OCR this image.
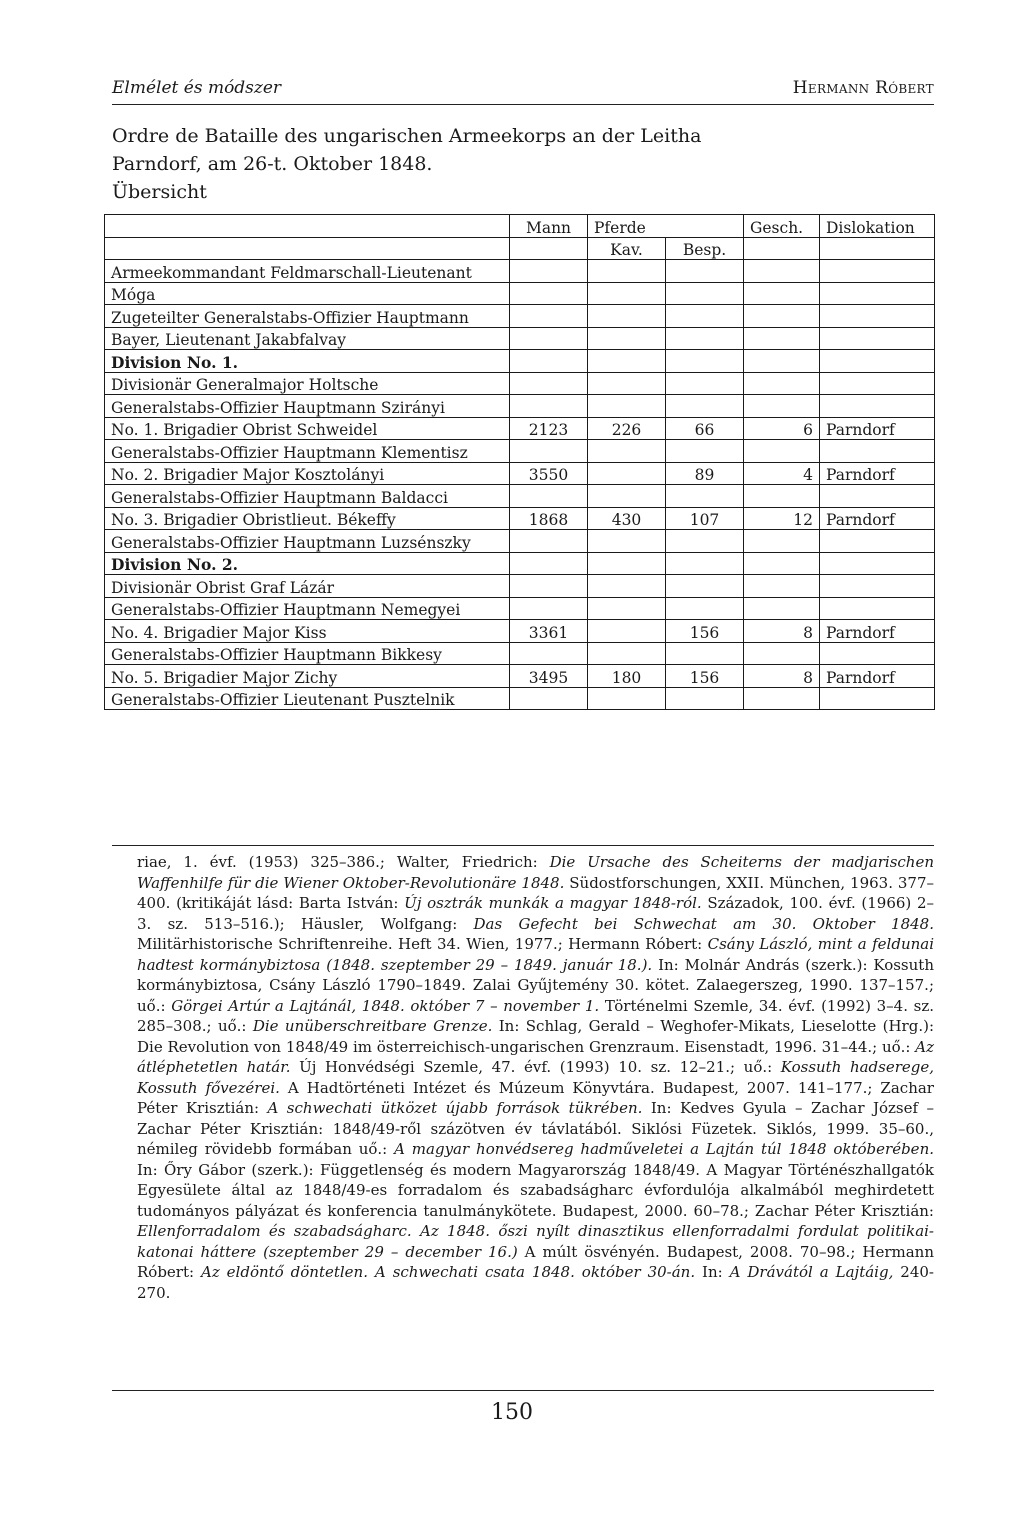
Elmélet és módszer	Hermann Róbert
Ordre de Bataille des ungarischen Armeekorps an der Leitha
Parndorf, am 26-t. Oktober 1848.
Übersicht
	Mann	Pferde		Gesch.	Dislokation
		Kav.	Besp.		
Armeekommandant Feldmarschall-Lieutenant					
Móga					
Zugeteilter Generalstabs-Offizier Hauptmann					
Bayer, Lieutenant Jakabfalvay					
Division No. 1.					
Divisionär Generalmajor Holtsche					
Generalstabs-Offizier Hauptmann Szirányi					
No. 1. Brigadier Obrist Schweidel	2123	226	66	6	Parndorf
Generalstabs-Offizier Hauptmann Klementisz					
No. 2. Brigadier Major Kosztolányi	3550		89	4	Parndorf
Generalstabs-Offizier Hauptmann Baldacci					
No. 3. Brigadier Obristlieut. Békeffy	1868	430	107	12	Parndorf
Generalstabs-Offizier Hauptmann Luzsénszky					
Division No. 2.					
Divisionär Obrist Graf Lázár					
Generalstabs-Offizier Hauptmann Nemegyei					
No. 4. Brigadier Major Kiss	3361		156	8	Parndorf
Generalstabs-Offizier Hauptmann Bikkesy					
No. 5. Brigadier Major Zichy	3495	180	156	8	Parndorf
Generalstabs-Offizier Lieutenant Pusztelnik					
riae, 1. évf. (1953) 325–386.; Walter, Friedrich: Die Ursache des Scheiterns der madjarischen Waffenhilfe für die Wiener Oktober-Revolutionäre 1848. Südostforschungen, XXII. München, 1963. 377–400. (kritikáját lásd: Barta István: Új osztrák munkák a magyar 1848-ról. Századok, 100. évf. (1966) 2–3. sz. 513–516.); Häusler, Wolfgang: Das Gefecht bei Schwechat am 30. Oktober 1848. Militärhistorische Schriftenreihe. Heft 34. Wien, 1977.; Hermann Róbert: Csány László, mint a feldunai hadtest kormánybiztosa (1848. szeptember 29 – 1849. január 18.). In: Molnár András (szerk.): Kossuth kormánybiztosa, Csány László 1790–1849. Zalai Gyűjtemény 30. kötet. Zalaegerszeg, 1990. 137–157.; uő.: Görgei Artúr a Lajtánál, 1848. október 7 – november 1. Történelmi Szemle, 34. évf. (1992) 3–4. sz. 285–308.; uő.: Die unüberschreitbare Grenze. In: Schlag, Gerald – Weghofer-Mikats, Lieselotte (Hrg.): Die Revolution von 1848/49 im österreichisch-ungarischen Grenzraum. Eisenstadt, 1996. 31–44.; uő.: Az átléphetetlen határ. Új Honvédségi Szemle, 47. évf. (1993) 10. sz. 12–21.; uő.: Kossuth hadserege, Kossuth fővezérei. A Hadtörténeti Intézet és Múzeum Könyvtára. Budapest, 2007. 141–177.; Zachar Péter Krisztián: A schwechati ütközet újabb források tükrében. In: Kedves Gyula – Zachar József – Zachar Péter Krisztián: 1848/49-ről százötven év távlatából. Siklósi Füzetek. Siklós, 1999. 35–60., némileg rövidebb formában uő.: A magyar honvédsereg hadműveletei a Lajtán túl 1848 októberében. In: Őry Gábor (szerk.): Függetlenség és modern Magyarország 1848/49. A Magyar Történészhallgatók Egyesülete által az 1848/49-es forradalom és szabadságharc évfordulója alkalmából meghirdetett tudományos pályázat és konferencia tanulmánykötete. Budapest, 2000. 60–78.; Zachar Péter Krisztián: Ellenforradalom és szabadságharc. Az 1848. őszi nyílt dinasztikus ellenforradalmi fordulat politikai-katonai háttere (szeptember 29 – december 16.) A múlt ösvényén. Budapest, 2008. 70–98.; Hermann Róbert: Az eldöntő döntetlen. A schwechati csata 1848. október 30-án. In: A Drávától a Lajtáig, 240-270.
150
